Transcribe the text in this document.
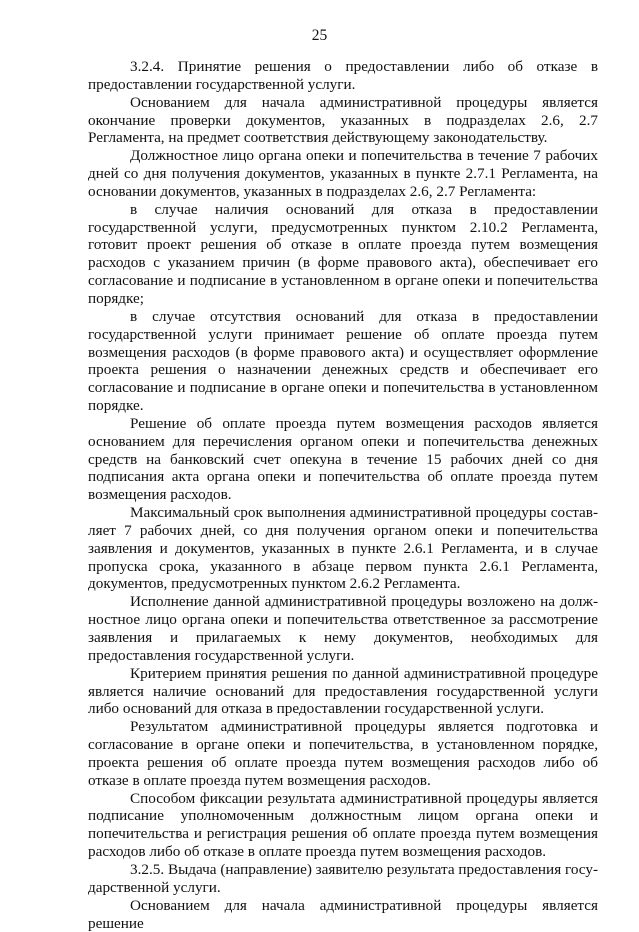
25

3.2.4. Принятие решения о предоставлении либо об отказе в предоставлении государственной услуги.

Основанием для начала административной процедуры является окончание проверки документов, указанных в подразделах 2.6, 2.7 Регламента, на предмет соответствия действующему законодательству.

Должностное лицо органа опеки и попечительства в течение 7 рабочих дней со дня получения документов, указанных в пункте 2.7.1 Регламента, на основании документов, указанных в подразделах 2.6, 2.7 Регламента:

в случае наличия оснований для отказа в предоставлении государственной услуги, предусмотренных пунктом 2.10.2 Регламента, готовит проект решения об отказе в оплате проезда путем возмещения расходов с указанием причин (в форме правового акта), обеспечивает его согласование и подписание в установленном в органе опеки и попечительства порядке;

в случае отсутствия оснований для отказа в предоставлении государственной услуги принимает решение об оплате проезда путем возмещения расходов (в форме правового акта) и осуществляет оформление проекта решения о назначении денежных средств и обеспечивает его согласование и подписание в органе опеки и попечительства в установленном порядке.

Решение об оплате проезда путем возмещения расходов является основанием для перечисления органом опеки и попечительства денежных средств на банковский счет опекуна в течение 15 рабочих дней со дня подписания акта органа опеки и попечительства об оплате проезда путем возмещения расходов.

Максимальный срок выполнения административной процедуры составляет 7 рабочих дней, со дня получения органом опеки и попечительства заявления и документов, указанных в пункте 2.6.1 Регламента, и в случае пропуска срока, указанного в абзаце первом пункта 2.6.1 Регламента, документов, предусмотренных пунктом 2.6.2 Регламента.

Исполнение данной административной процедуры возложено на должностное лицо органа опеки и попечительства ответственное за рассмотрение заявления и прилагаемых к нему документов, необходимых для предоставления государственной услуги.

Критерием принятия решения по данной административной процедуре является наличие оснований для предоставления государственной услуги либо оснований для отказа в предоставлении государственной услуги.

Результатом административной процедуры является подготовка и согласование в органе опеки и попечительства, в установленном порядке, проекта решения об оплате проезда путем возмещения расходов либо об отказе в оплате проезда путем возмещения расходов.

Способом фиксации результата административной процедуры является подписание уполномоченным должностным лицом органа опеки и попечительства и регистрация решения об оплате проезда путем возмещения расходов либо об отказе в оплате проезда путем возмещения расходов.

3.2.5. Выдача (направление) заявителю результата предоставления государственной услуги.

Основанием для начала административной процедуры является решение
